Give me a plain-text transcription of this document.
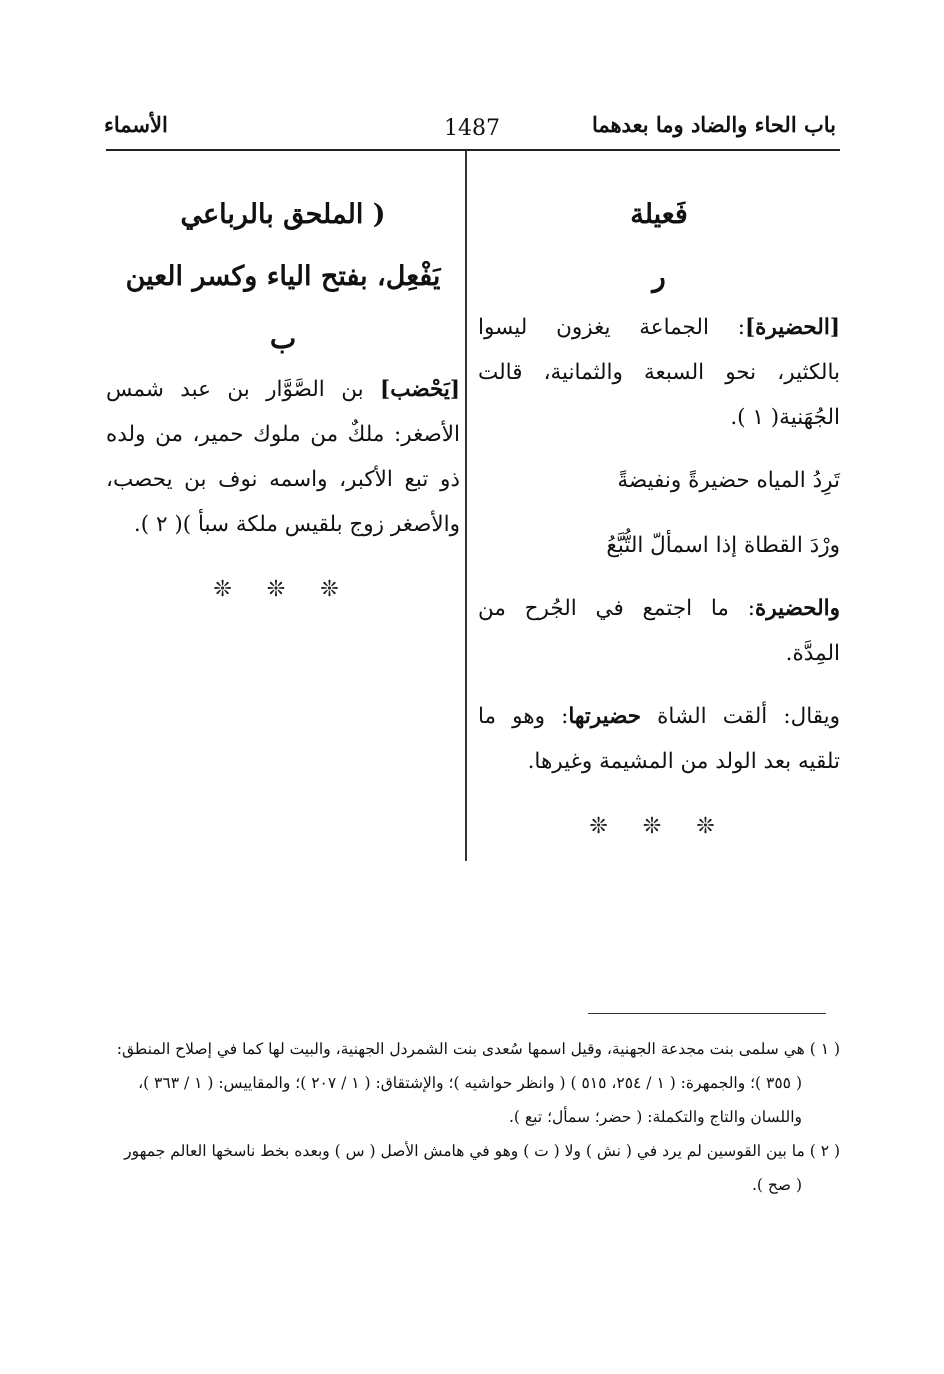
باب الحاء والضاد وما بعدهما
1487
الأسماء
فَعيلة
ر

[الحضيرة]: الجماعة يغزون ليسوا بالكثير، نحو السبعة والثمانية، قالت الجُهَنية( ١ ).

تَرِدُ المياه حضيرةً ونفيضةً
ورْدَ القطاة إذا اسمألّ التُّبَّعُ

والحضيرة: ما اجتمع في الجُرح من المِدَّة.

ويقال: ألقت الشاة حضيرتها: وهو ما تلقيه بعد الولد من المشيمة وغيرها.

❊ ❊ ❊
( الملحق بالرباعي
يَفْعِل، بفتح الياء وكسر العين
ب

[يَحْضب] بن الصَّوَّار بن عبد شمس الأصغر: ملكٌ من ملوك حمير، من ولده ذو تبع الأكبر، واسمه نوف بن يحصب، والأصغر زوج بلقيس ملكة سبأ )( ٢ ).

❊ ❊ ❊

( ١ ) هي سلمى بنت مجدعة الجهنية، وقيل اسمها سُعدى بنت الشمردل الجهنية، والبيت لها كما في إصلاح المنطق:

( ٣٥٥ )؛ والجمهرة: ( ١ / ٢٥٤، ٥١٥ ) ( وانظر حواشيه )؛ والإشتقاق: ( ١ / ٢٠٧ )؛ والمقاييس: ( ١ / ٣٦٣ )،

واللسان والتاج والتكملة: ( حضر؛ سمأل؛ تبع ).

( ٢ ) ما بين القوسين لم يرد في ( نش ) ولا ( ت ) وهو في هامش الأصل ( س ) وبعده بخط ناسخها العالم جمهور

( صح ).
